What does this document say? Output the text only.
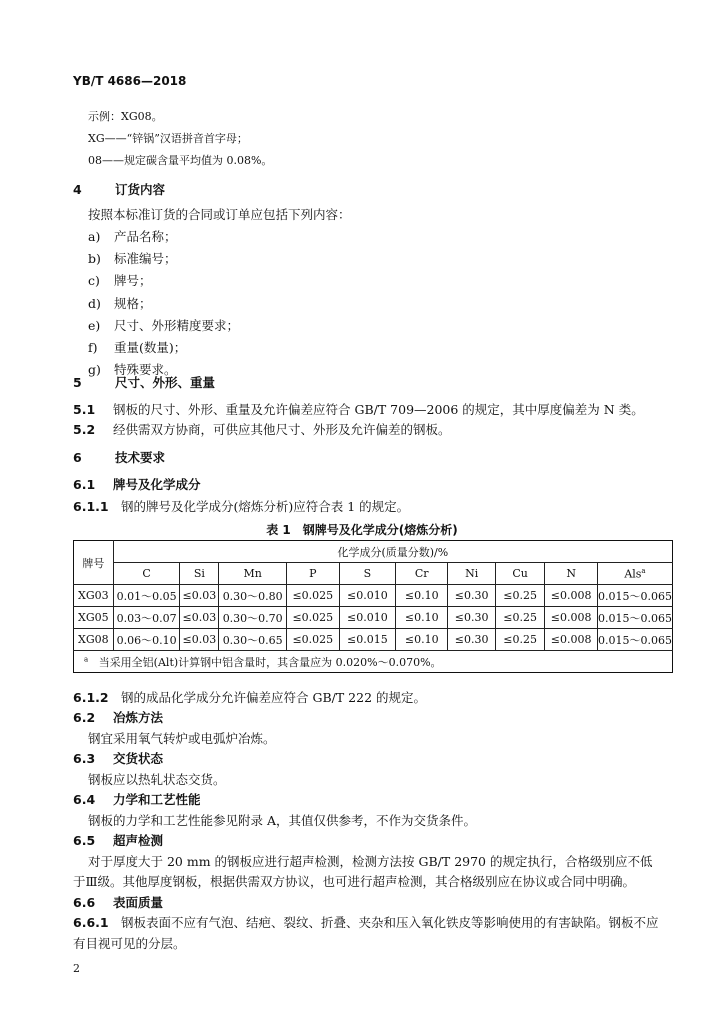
YB/T 4686—2018
示例：XG08。
XG——“锌锅”汉语拼音首字母；
08——规定碳含量平均值为 0.08%。
4	订货内容
按照本标准订货的合同或订单应包括下列内容：
a) 产品名称；
b) 标准编号；
c) 牌号；
d) 规格；
e) 尺寸、外形精度要求；
f) 重量(数量)；
g) 特殊要求。
5	尺寸、外形、重量
5.1 钢板的尺寸、外形、重量及允许偏差应符合 GB/T 709—2006 的规定，其中厚度偏差为 N 类。
5.2 经供需双方协商，可供应其他尺寸、外形及允许偏差的钢板。
6	技术要求
6.1 牌号及化学成分
6.1.1 钢的牌号及化学成分(熔炼分析)应符合表 1 的规定。
表 1　钢牌号及化学成分(熔炼分析)
牌号	化学成分(质量分数)/%									
	C	Si	Mn	P	S	Cr	Ni	Cu	N	Als$^a$
XG03	0.01～0.05	≤0.03	0.30～0.80	≤0.025	≤0.010	≤0.10	≤0.30	≤0.25	≤0.008	0.015～0.065
XG05	0.03～0.07	≤0.03	0.30～0.70	≤0.025	≤0.010	≤0.10	≤0.30	≤0.25	≤0.008	0.015～0.065
XG08	0.06～0.10	≤0.03	0.30～0.65	≤0.025	≤0.015	≤0.10	≤0.30	≤0.25	≤0.008	0.015～0.065
$^a$ 当采用全铝(Alt)计算钢中铝含量时，其含量应为 0.020%～0.070%。										
6.1.2 钢的成品化学成分允许偏差应符合 GB/T 222 的规定。
6.2 冶炼方法
钢宜采用氧气转炉或电弧炉冶炼。
6.3 交货状态
钢板应以热轧状态交货。
6.4 力学和工艺性能
钢板的力学和工艺性能参见附录 A，其值仅供参考，不作为交货条件。
6.5 超声检测
对于厚度大于 20 mm 的钢板应进行超声检测，检测方法按 GB/T 2970 的规定执行，合格级别应不低
于Ⅲ级。其他厚度钢板，根据供需双方协议，也可进行超声检测，其合格级别应在协议或合同中明确。
6.6 表面质量
6.6.1 钢板表面不应有气泡、结疤、裂纹、折叠、夹杂和压入氧化铁皮等影响使用的有害缺陷。钢板不应
有目视可见的分层。
2
